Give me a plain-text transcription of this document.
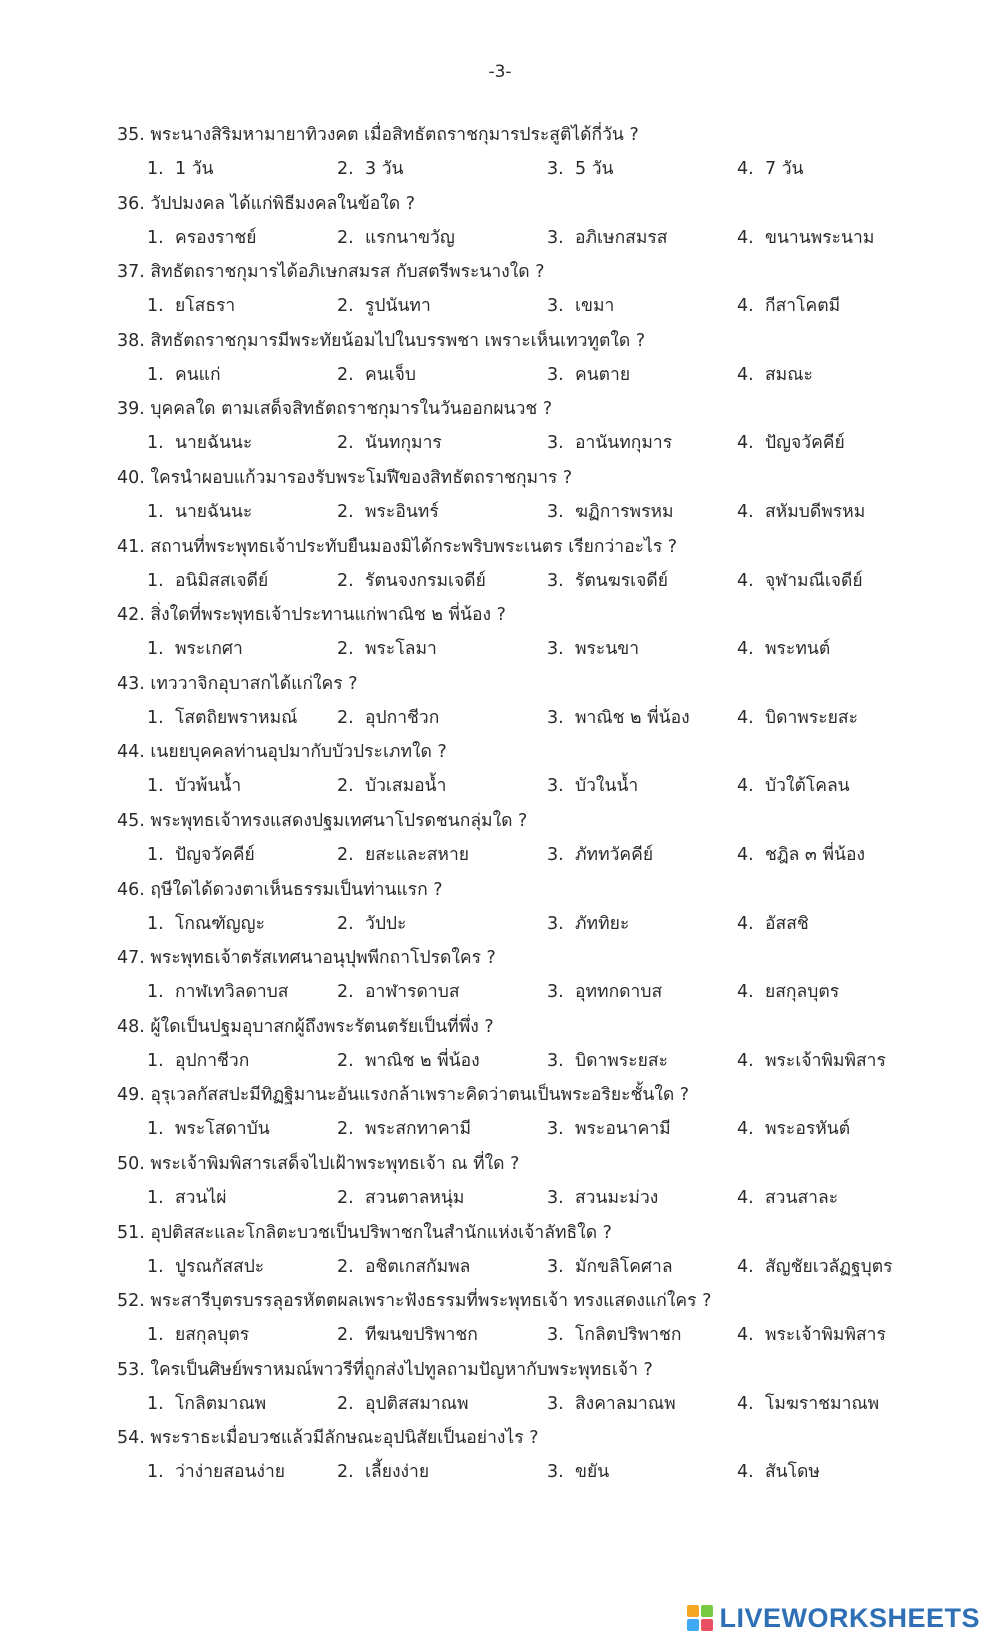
-3-
35. พระนางสิริมหามายาทิวงคต เมื่อสิทธัตถราชกุมารประสูติได้กี่วัน ?
1. 1 วัน	2. 3 วัน	3. 5 วัน	4. 7 วัน
36. วัปปมงคล ได้แก่พิธีมงคลในข้อใด ?
1. ครองราชย์	2. แรกนาขวัญ	3. อภิเษกสมรส	4. ขนานพระนาม
37. สิทธัตถราชกุมารได้อภิเษกสมรส กับสตรีพระนางใด ?
1. ยโสธรา	2. รูปนันทา	3. เขมา	4. กีสาโคตมี
38. สิทธัตถราชกุมารมีพระทัยน้อมไปในบรรพชา เพราะเห็นเทวทูตใด ?
1. คนแก่	2. คนเจ็บ	3. คนตาย	4. สมณะ
39. บุคคลใด ตามเสด็จสิทธัตถราชกุมารในวันออกผนวช ?
1. นายฉันนะ	2. นันทกุมาร	3. อานันทกุมาร	4. ปัญจวัคคีย์
40. ใครนำผอบแก้วมารองรับพระโมฬีของสิทธัตถราชกุมาร ?
1. นายฉันนะ	2. พระอินทร์	3. ฆฏิการพรหม	4. สหัมบดีพรหม
41. สถานที่พระพุทธเจ้าประทับยืนมองมิได้กระพริบพระเนตร เรียกว่าอะไร ?
1. อนิมิสสเจดีย์	2. รัตนจงกรมเจดีย์	3. รัตนฆรเจดีย์	4. จุฬามณีเจดีย์
42. สิ่งใดที่พระพุทธเจ้าประทานแก่พาณิช ๒ พี่น้อง ?
1. พระเกศา	2. พระโลมา	3. พระนขา	4. พระทนต์
43. เทววาจิกอุบาสกได้แก่ใคร ?
1. โสตถิยพราหมณ์ 2. อุปกาชีวก	3. พาณิช ๒ พี่น้อง	4. บิดาพระยสะ
44. เนยยบุคคลท่านอุปมากับบัวประเภทใด ?
1. บัวพ้นน้ำ	2. บัวเสมอน้ำ	3. บัวในน้ำ	4. บัวใต้โคลน
45. พระพุทธเจ้าทรงแสดงปฐมเทศนาโปรดชนกลุ่มใด ?
1. ปัญจวัคคีย์	2. ยสะและสหาย	3. ภัททวัคคีย์	4. ชฎิล ๓ พี่น้อง
46. ฤษีใดได้ดวงตาเห็นธรรมเป็นท่านแรก ?
1. โกณฑัญญะ	2. วัปปะ	3. ภัททิยะ	4. อัสสชิ
47. พระพุทธเจ้าตรัสเทศนาอนุปุพพีกถาโปรดใคร ?
1. กาฬเทวิลดาบส	2. อาฬารดาบส	3. อุททกดาบส	4. ยสกุลบุตร
48. ผู้ใดเป็นปฐมอุบาสกผู้ถึงพระรัตนตรัยเป็นที่พึ่ง ?
1. อุปกาชีวก	2. พาณิช ๒ พี่น้อง	3. บิดาพระยสะ	4. พระเจ้าพิมพิสาร
49. อุรุเวลกัสสปะมีทิฏฐิมานะอันแรงกล้าเพราะคิดว่าตนเป็นพระอริยะชั้นใด ?
1. พระโสดาบัน	2. พระสกทาคามี	3. พระอนาคามี	4. พระอรหันต์
50. พระเจ้าพิมพิสารเสด็จไปเฝ้าพระพุทธเจ้า ณ ที่ใด ?
1. สวนไผ่	2. สวนตาลหนุ่ม	3. สวนมะม่วง	4. สวนสาละ
51. อุปติสสะและโกลิตะบวชเป็นปริพาชกในสำนักแห่งเจ้าลัทธิใด ?
1. ปูรณกัสสปะ	2. อชิตเกสกัมพล	3. มักขลิโคศาล	4. สัญชัยเวลัฏฐบุตร
52. พระสารีบุตรบรรลุอรหัตตผลเพราะฟังธรรมที่พระพุทธเจ้า ทรงแสดงแก่ใคร ?
1. ยสกุลบุตร	2. ทีฆนขปริพาชก	3. โกลิตปริพาชก	4. พระเจ้าพิมพิสาร
53. ใครเป็นศิษย์พราหมณ์พาวรีที่ถูกส่งไปทูลถามปัญหากับพระพุทธเจ้า ?
1. โกลิตมาณพ	2. อุปติสสมาณพ	3. สิงคาลมาณพ	4. โมฆราชมาณพ
54. พระราธะเมื่อบวชแล้วมีลักษณะอุปนิสัยเป็นอย่างไร ?
1. ว่าง่ายสอนง่าย	2. เลี้ยงง่าย	3. ขยัน	4. สันโดษ
LIVEWORKSHEETS
